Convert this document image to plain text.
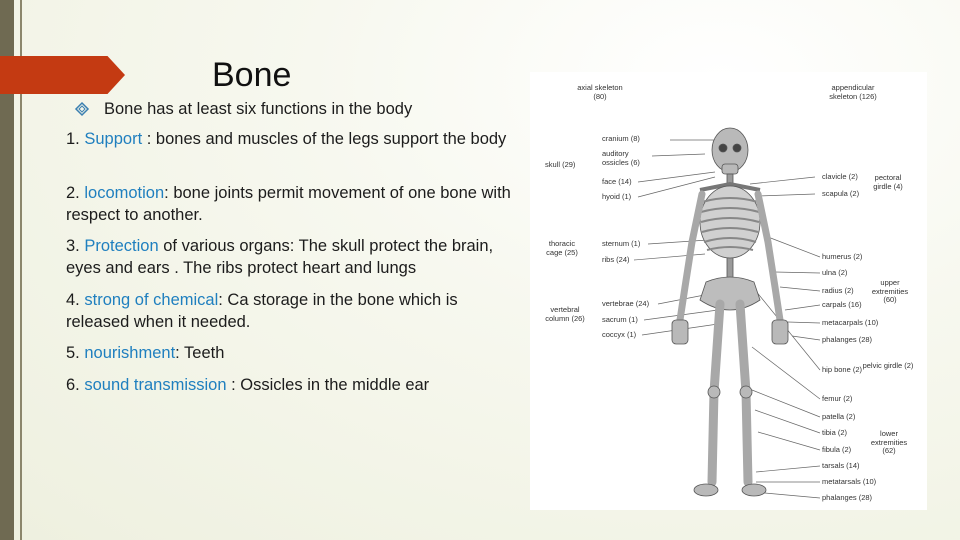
Bone
Bone has at least six functions in the body
1. Support : bones and muscles of the legs support the body
2. locomotion: bone joints permit movement of one bone with respect to another.
3. Protection of various organs: The skull protect the brain, eyes and ears . The ribs protect heart and lungs
4. strong of chemical: Ca storage in the bone which is released when it needed.
5. nourishment: Teeth
6. sound transmission : Ossicles in the middle ear
axial skeleton (80)
appendicular skeleton (126)
skull (29)
thoracic cage (25)
vertebral column (26)
cranium (8)
auditory ossicles (6)
face (14)
hyoid (1)
sternum (1)
ribs (24)
vertebrae (24)
sacrum (1)
coccyx (1)
clavicle (2)
scapula (2)
pectoral girdle (4)
humerus (2)
ulna (2)
radius (2)
carpals (16)
metacarpals (10)
phalanges (28)
upper extremities (60)
hip bone (2) pelvic girdle (2)
femur (2)
patella (2)
tibia (2)
fibula (2)
lower extremities (62)
tarsals (14)
metatarsals (10)
phalanges (28)
